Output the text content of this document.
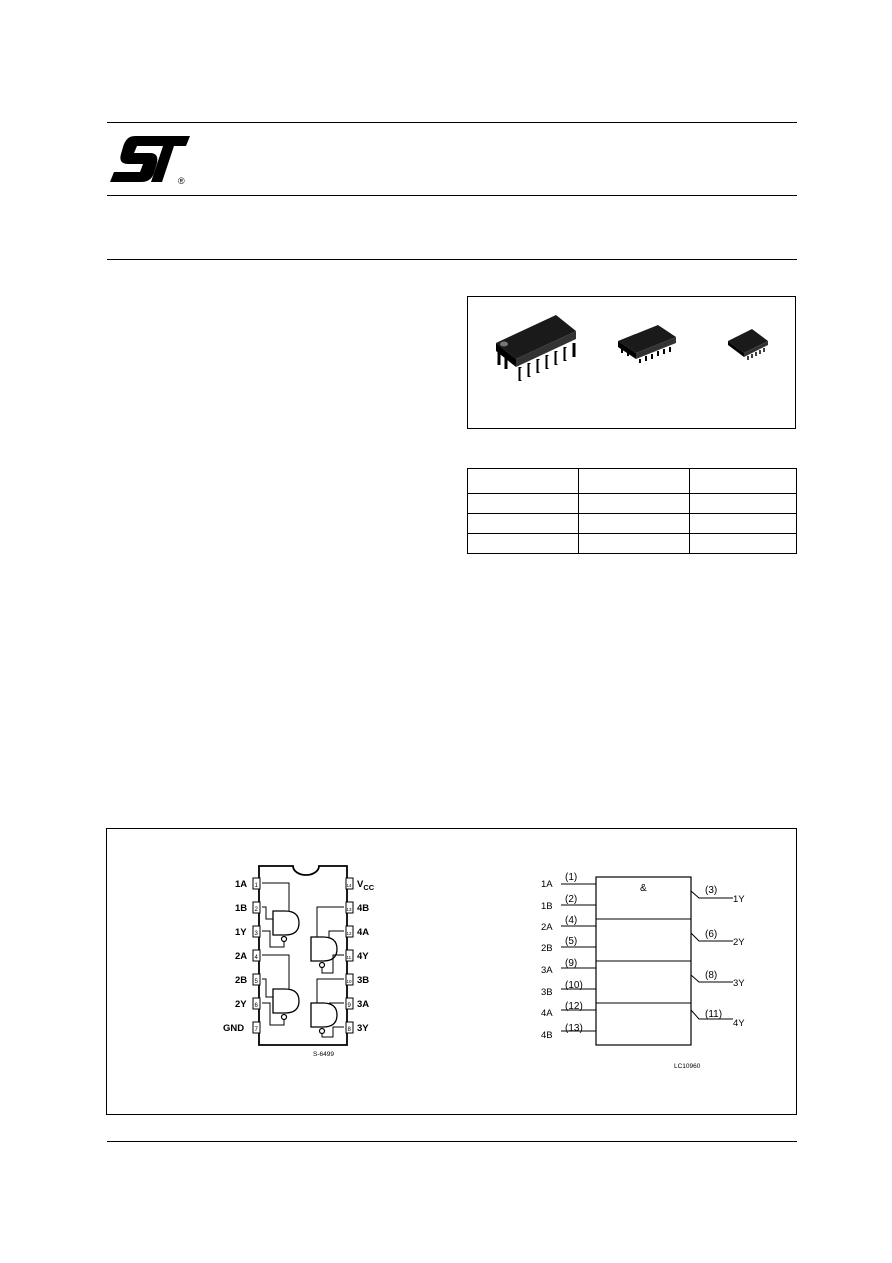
®

1A
1B
1Y
2A
2B
2Y
GND
1
2
3
4
5
6
7
14
13
12
11
10
9
8
$V_{CC}$
4B
4A
4Y
3B
3A
3Y
S-6499
&
1A
1B
2A
2B
3A
3B
4A
4B
(1)
(2)
(4)
(5)
(9)
(10)
(12)
(13)
(3)
(6)
(8)
(11)
1Y
2Y
3Y
4Y
LC10960
